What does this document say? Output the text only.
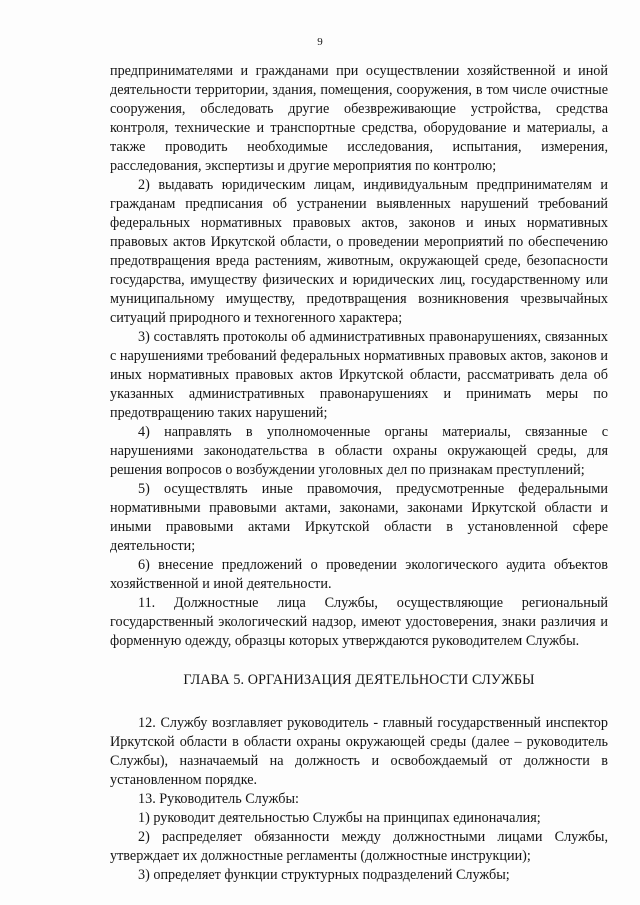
9

предпринимателями и гражданами при осуществлении хозяйственной и иной деятельности территории, здания, помещения, сооружения, в том числе очистные сооружения, обследовать другие обезвреживающие устройства, средства контроля, технические и транспортные средства, оборудование и материалы, а также проводить необходимые исследования, испытания, измерения, расследования, экспертизы и другие мероприятия по контролю;

2) выдавать юридическим лицам, индивидуальным предпринимателям и гражданам предписания об устранении выявленных нарушений требований федеральных нормативных правовых актов, законов и иных нормативных правовых актов Иркутской области, о проведении мероприятий по обеспечению предотвращения вреда растениям, животным, окружающей среде, безопасности государства, имуществу физических и юридических лиц, государственному или муниципальному имуществу, предотвращения возникновения чрезвычайных ситуаций природного и техногенного характера;

3) составлять протоколы об административных правонарушениях, связанных с нарушениями требований федеральных нормативных правовых актов, законов и иных нормативных правовых актов Иркутской области, рассматривать дела об указанных административных правонарушениях и принимать меры по предотвращению таких нарушений;

4) направлять в уполномоченные органы материалы, связанные с нарушениями законодательства в области охраны окружающей среды, для решения вопросов о возбуждении уголовных дел по признакам преступлений;

5) осуществлять иные правомочия, предусмотренные федеральными нормативными правовыми актами, законами, законами Иркутской области и иными правовыми актами Иркутской области в установленной сфере деятельности;

6) внесение предложений о проведении экологического аудита объектов хозяйственной и иной деятельности.

11. Должностные лица Службы, осуществляющие региональный государственный экологический надзор, имеют удостоверения, знаки различия и форменную одежду, образцы которых утверждаются руководителем Службы.

ГЛАВА 5. ОРГАНИЗАЦИЯ ДЕЯТЕЛЬНОСТИ СЛУЖБЫ

12. Службу возглавляет руководитель - главный государственный инспектор Иркутской области в области охраны окружающей среды (далее – руководитель Службы), назначаемый на должность и освобождаемый от должности в установленном порядке.

13. Руководитель Службы:

1) руководит деятельностью Службы на принципах единоначалия;

2) распределяет обязанности между должностными лицами Службы, утверждает их должностные регламенты (должностные инструкции);

3) определяет функции структурных подразделений Службы;
